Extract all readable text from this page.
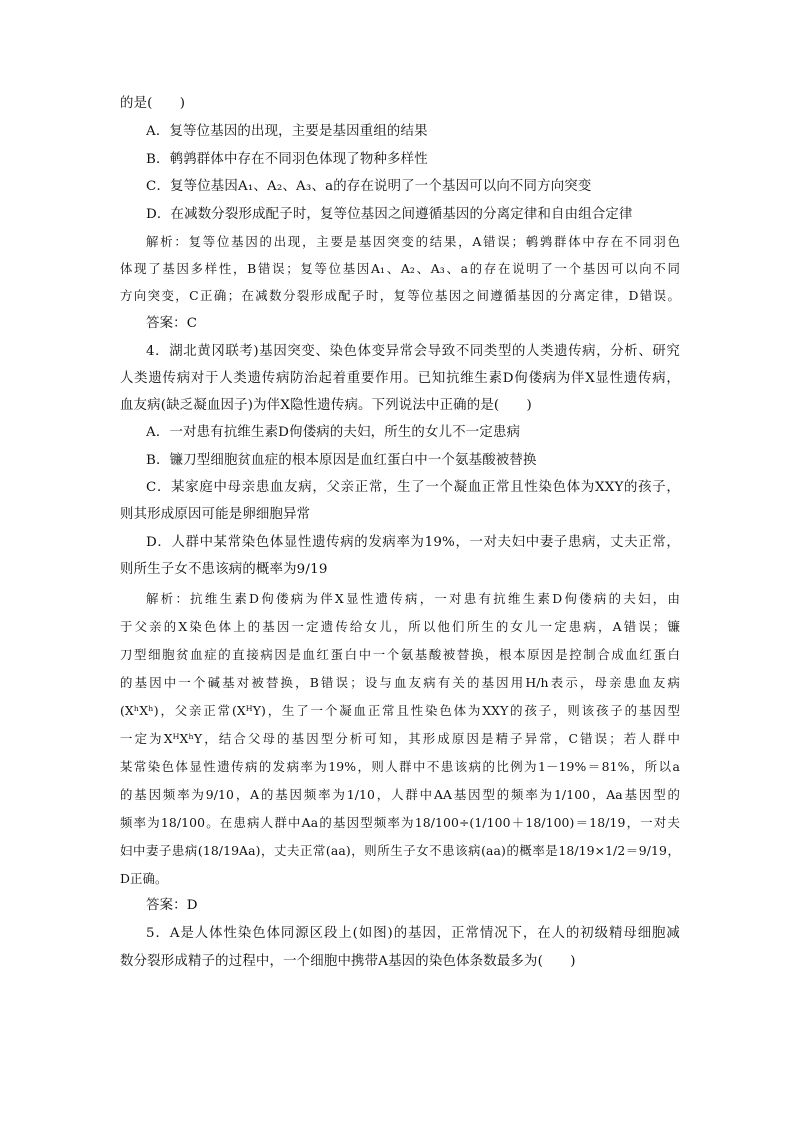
的是(　　)
A．复等位基因的出现，主要是基因重组的结果
B．鹌鹑群体中存在不同羽色体现了物种多样性
C．复等位基因A₁、A₂、A₃、a的存在说明了一个基因可以向不同方向突变
D．在减数分裂形成配子时，复等位基因之间遵循基因的分离定律和自由组合定律
解析：复等位基因的出现，主要是基因突变的结果，A错误；鹌鹑群体中存在不同羽色
体现了基因多样性，B错误；复等位基因A₁、A₂、A₃、a的存在说明了一个基因可以向不同
方向突变，C正确；在减数分裂形成配子时，复等位基因之间遵循基因的分离定律，D错误。
答案：C
4．湖北黄冈联考)基因突变、染色体变异常会导致不同类型的人类遗传病，分析、研究
人类遗传病对于人类遗传病防治起着重要作用。已知抗维生素D佝偻病为伴X显性遗传病，
血友病(缺乏凝血因子)为伴X隐性遗传病。下列说法中正确的是(　　)
A．一对患有抗维生素D佝偻病的夫妇，所生的女儿不一定患病
B．镰刀型细胞贫血症的根本原因是血红蛋白中一个氨基酸被替换
C．某家庭中母亲患血友病，父亲正常，生了一个凝血正常且性染色体为XXY的孩子，
则其形成原因可能是卵细胞异常
D．人群中某常染色体显性遗传病的发病率为19%，一对夫妇中妻子患病，丈夫正常，
则所生子女不患该病的概率为9/19
解析：抗维生素D佝偻病为伴X显性遗传病，一对患有抗维生素D佝偻病的夫妇，由
于父亲的X染色体上的基因一定遗传给女儿，所以他们所生的女儿一定患病，A错误；镰
刀型细胞贫血症的直接病因是血红蛋白中一个氨基酸被替换，根本原因是控制合成血红蛋白
的基因中一个碱基对被替换，B错误；设与血友病有关的基因用H/h表示，母亲患血友病
(XʰXʰ)，父亲正常(XᴴY)，生了一个凝血正常且性染色体为XXY的孩子，则该孩子的基因型
一定为XᴴXʰY，结合父母的基因型分析可知，其形成原因是精子异常，C错误；若人群中
某常染色体显性遗传病的发病率为19%，则人群中不患该病的比例为1－19%＝81%，所以a
的基因频率为9/10，A的基因频率为1/10，人群中AA基因型的频率为1/100，Aa基因型的
频率为18/100。在患病人群中Aa的基因型频率为18/100÷(1/100＋18/100)＝18/19，一对夫
妇中妻子患病(18/19Aa)，丈夫正常(aa)，则所生子女不患该病(aa)的概率是18/19×1/2＝9/19，
D正确。
答案：D
5．A是人体性染色体同源区段上(如图)的基因，正常情况下，在人的初级精母细胞减
数分裂形成精子的过程中，一个细胞中携带A基因的染色体条数最多为(　　)
